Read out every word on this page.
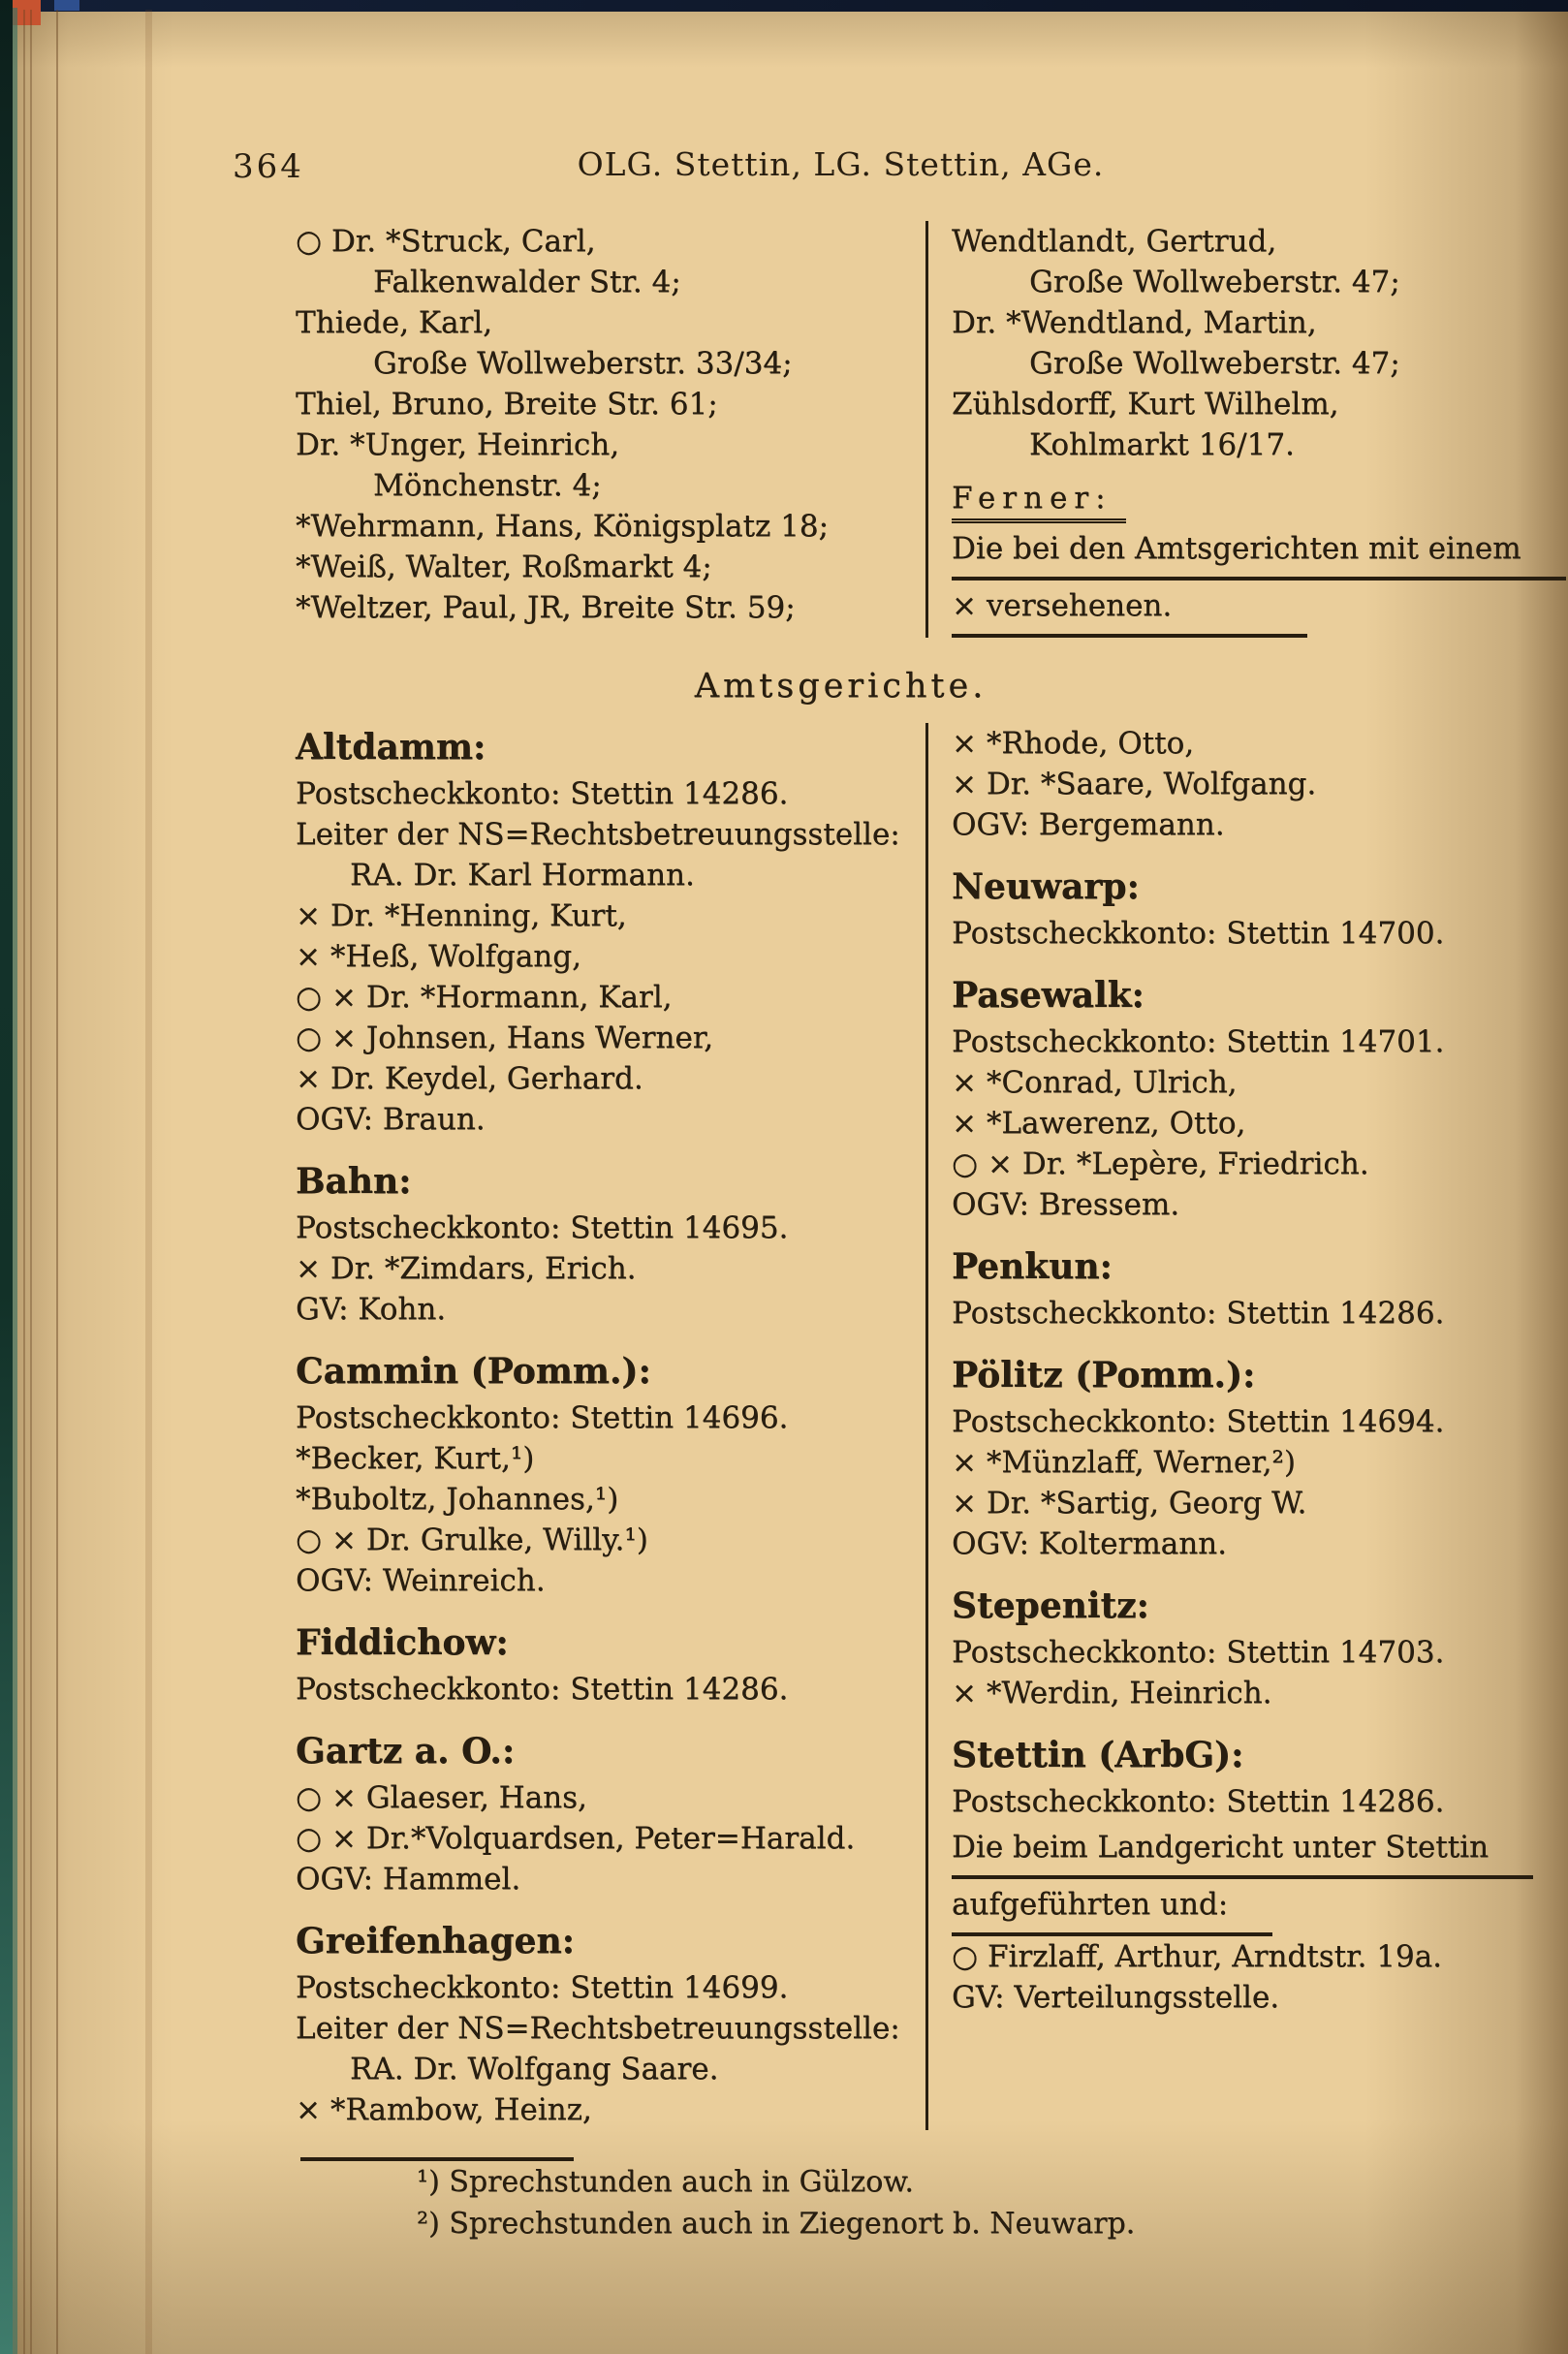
364	OLG. Stettin, LG. Stettin, AGe.
○ Dr. *Struck, Carl,
Falkenwalder Str. 4;
Thiede, Karl,
Große Wollweberstr. 33/34;
Thiel, Bruno, Breite Str. 61;
Dr. *Unger, Heinrich,
Mönchenstr. 4;
*Wehrmann, Hans, Königsplatz 18;
*Weiß, Walter, Roßmarkt 4;
*Weltzer, Paul, JR, Breite Str. 59;
Wendtlandt, Gertrud,
Große Wollweberstr. 47;
Dr. *Wendtland, Martin,
Große Wollweberstr. 47;
Zühlsdorff, Kurt Wilhelm,
Kohlmarkt 16/17.
Ferner:
Die bei den Amtsgerichten mit einem
× versehenen.
Amtsgerichte.
Altdamm:
Postscheckkonto: Stettin 14286.
Leiter der NS=Rechtsbetreuungsstelle:
RA. Dr. Karl Hormann.
× Dr. *Henning, Kurt,
× *Heß, Wolfgang,
○ × Dr. *Hormann, Karl,
○ × Johnsen, Hans Werner,
× Dr. Keydel, Gerhard.
OGV: Braun.
Bahn:
Postscheckkonto: Stettin 14695.
× Dr. *Zimdars, Erich.
GV: Kohn.
Cammin (Pomm.):
Postscheckkonto: Stettin 14696.
*Becker, Kurt,¹)
*Buboltz, Johannes,¹)
○ × Dr. Grulke, Willy.¹)
OGV: Weinreich.
Fiddichow:
Postscheckkonto: Stettin 14286.
Gartz a. O.:
○ × Glaeser, Hans,
○ × Dr.*Volquardsen, Peter=Harald.
OGV: Hammel.
Greifenhagen:
Postscheckkonto: Stettin 14699.
Leiter der NS=Rechtsbetreuungsstelle:
RA. Dr. Wolfgang Saare.
× *Rambow, Heinz,
× *Rhode, Otto,
× Dr. *Saare, Wolfgang.
OGV: Bergemann.
Neuwarp:
Postscheckkonto: Stettin 14700.
Pasewalk:
Postscheckkonto: Stettin 14701.
× *Conrad, Ulrich,
× *Lawerenz, Otto,
○ × Dr. *Lepère, Friedrich.
OGV: Bressem.
Penkun:
Postscheckkonto: Stettin 14286.
Pölitz (Pomm.):
Postscheckkonto: Stettin 14694.
× *Münzlaff, Werner,²)
× Dr. *Sartig, Georg W.
OGV: Koltermann.
Stepenitz:
Postscheckkonto: Stettin 14703.
× *Werdin, Heinrich.
Stettin (ArbG):
Postscheckkonto: Stettin 14286.
Die beim Landgericht unter Stettin
aufgeführten und:
○ Firzlaff, Arthur, Arndtstr. 19a.
GV: Verteilungsstelle.
¹) Sprechstunden auch in Gülzow.
²) Sprechstunden auch in Ziegenort b. Neuwarp.
